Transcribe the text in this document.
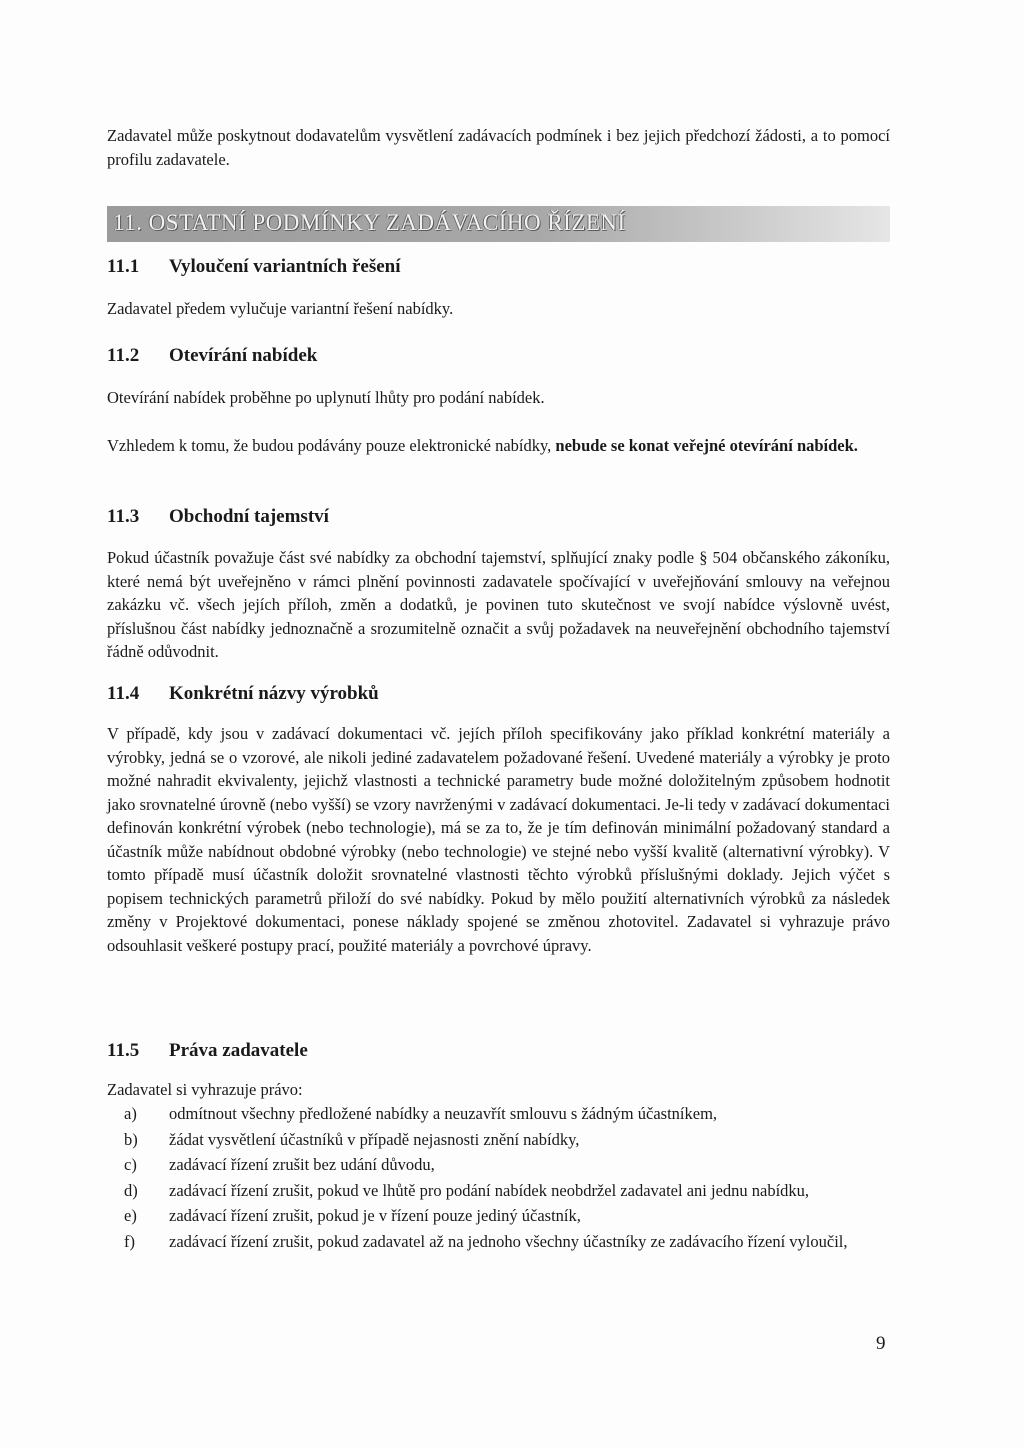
Zadavatel může poskytnout dodavatelům vysvětlení zadávacích podmínek i bez jejich předchozí žádosti, a to pomocí profilu zadavatele.

11. OSTATNÍ PODMÍNKY ZADÁVACÍHO ŘÍZENÍ
11.1 Vyloučení variantních řešení

Zadavatel předem vylučuje variantní řešení nabídky.

11.2 Otevírání nabídek

Otevírání nabídek proběhne po uplynutí lhůty pro podání nabídek.

Vzhledem k tomu, že budou podávány pouze elektronické nabídky, nebude se konat veřejné otevírání nabídek.

11.3 Obchodní tajemství

Pokud účastník považuje část své nabídky za obchodní tajemství, splňující znaky podle § 504 občanského zákoníku, které nemá být uveřejněno v rámci plnění povinnosti zadavatele spočívající v uveřejňování smlouvy na veřejnou zakázku vč. všech jejích příloh, změn a dodatků, je povinen tuto skutečnost ve svojí nabídce výslovně uvést, příslušnou část nabídky jednoznačně a srozumitelně označit a svůj požadavek na neuveřejnění obchodního tajemství řádně odůvodnit.

11.4 Konkrétní názvy výrobků

V případě, kdy jsou v zadávací dokumentaci vč. jejích příloh specifikovány jako příklad konkrétní materiály a výrobky, jedná se o vzorové, ale nikoli jediné zadavatelem požadované řešení. Uvedené materiály a výrobky je proto možné nahradit ekvivalenty, jejichž vlastnosti a technické parametry bude možné doložitelným způsobem hodnotit jako srovnatelné úrovně (nebo vyšší) se vzory navrženými v zadávací dokumentaci. Je-li tedy v zadávací dokumentaci definován konkrétní výrobek (nebo technologie), má se za to, že je tím definován minimální požadovaný standard a účastník může nabídnout obdobné výrobky (nebo technologie) ve stejné nebo vyšší kvalitě (alternativní výrobky). V tomto případě musí účastník doložit srovnatelné vlastnosti těchto výrobků příslušnými doklady. Jejich výčet s popisem technických parametrů přiloží do své nabídky. Pokud by mělo použití alternativních výrobků za následek změny v Projektové dokumentaci, ponese náklady spojené se změnou zhotovitel. Zadavatel si vyhrazuje právo odsouhlasit veškeré postupy prací, použité materiály a povrchové úpravy.

11.5 Práva zadavatele

Zadavatel si vyhrazuje právo:

a) odmítnout všechny předložené nabídky a neuzavřít smlouvu s žádným účastníkem,
b) žádat vysvětlení účastníků v případě nejasnosti znění nabídky,
c) zadávací řízení zrušit bez udání důvodu,
d) zadávací řízení zrušit, pokud ve lhůtě pro podání nabídek neobdržel zadavatel ani jednu nabídku,
e) zadávací řízení zrušit, pokud je v řízení pouze jediný účastník,
f) zadávací řízení zrušit, pokud zadavatel až na jednoho všechny účastníky ze zadávacího řízení vyloučil,
9
